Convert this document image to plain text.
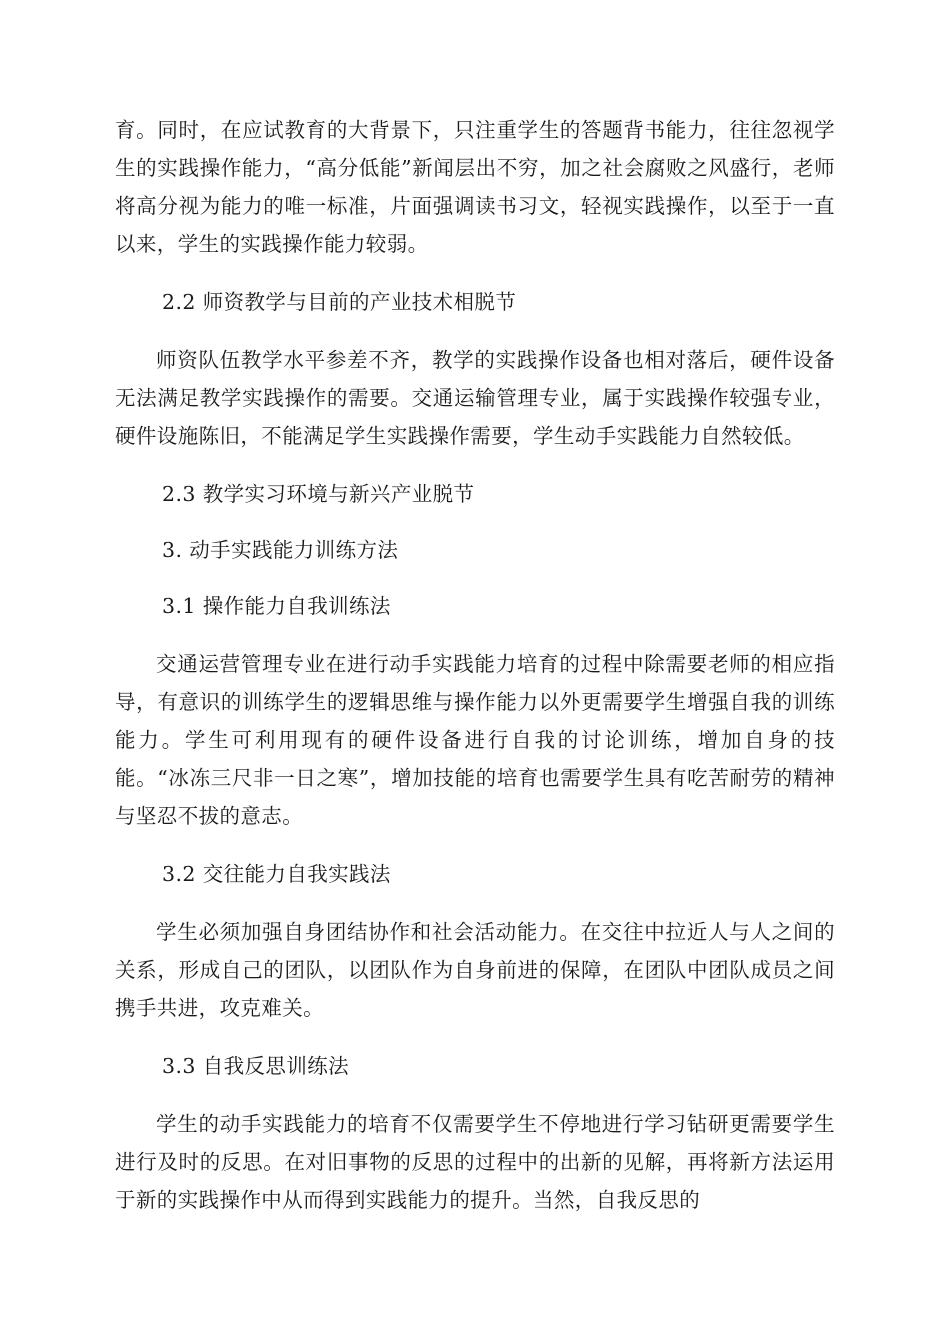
育。同时，在应试教育的大背景下，只注重学生的答题背书能力，往往忽视学生的实践操作能力，“高分低能”新闻层出不穷，加之社会腐败之风盛行，老师将高分视为能力的唯一标准，片面强调读书习文，轻视实践操作，以至于一直以来，学生的实践操作能力较弱。

2.2 师资教学与目前的产业技术相脱节

师资队伍教学水平参差不齐，教学的实践操作设备也相对落后，硬件设备无法满足教学实践操作的需要。交通运输管理专业，属于实践操作较强专业，硬件设施陈旧，不能满足学生实践操作需要，学生动手实践能力自然较低。

2.3 教学实习环境与新兴产业脱节

3. 动手实践能力训练方法

3.1 操作能力自我训练法

交通运营管理专业在进行动手实践能力培育的过程中除需要老师的相应指导，有意识的训练学生的逻辑思维与操作能力以外更需要学生增强自我的训练能力。学生可利用现有的硬件设备进行自我的讨论训练，增加自身的技能。“冰冻三尺非一日之寒”，增加技能的培育也需要学生具有吃苦耐劳的精神与坚忍不拔的意志。

3.2 交往能力自我实践法

学生必须加强自身团结协作和社会活动能力。在交往中拉近人与人之间的关系，形成自己的团队，以团队作为自身前进的保障，在团队中团队成员之间携手共进，攻克难关。

3.3 自我反思训练法

学生的动手实践能力的培育不仅需要学生不停地进行学习钻研更需要学生进行及时的反思。在对旧事物的反思的过程中的出新的见解，再将新方法运用于新的实践操作中从而得到实践能力的提升。当然，自我反思的
